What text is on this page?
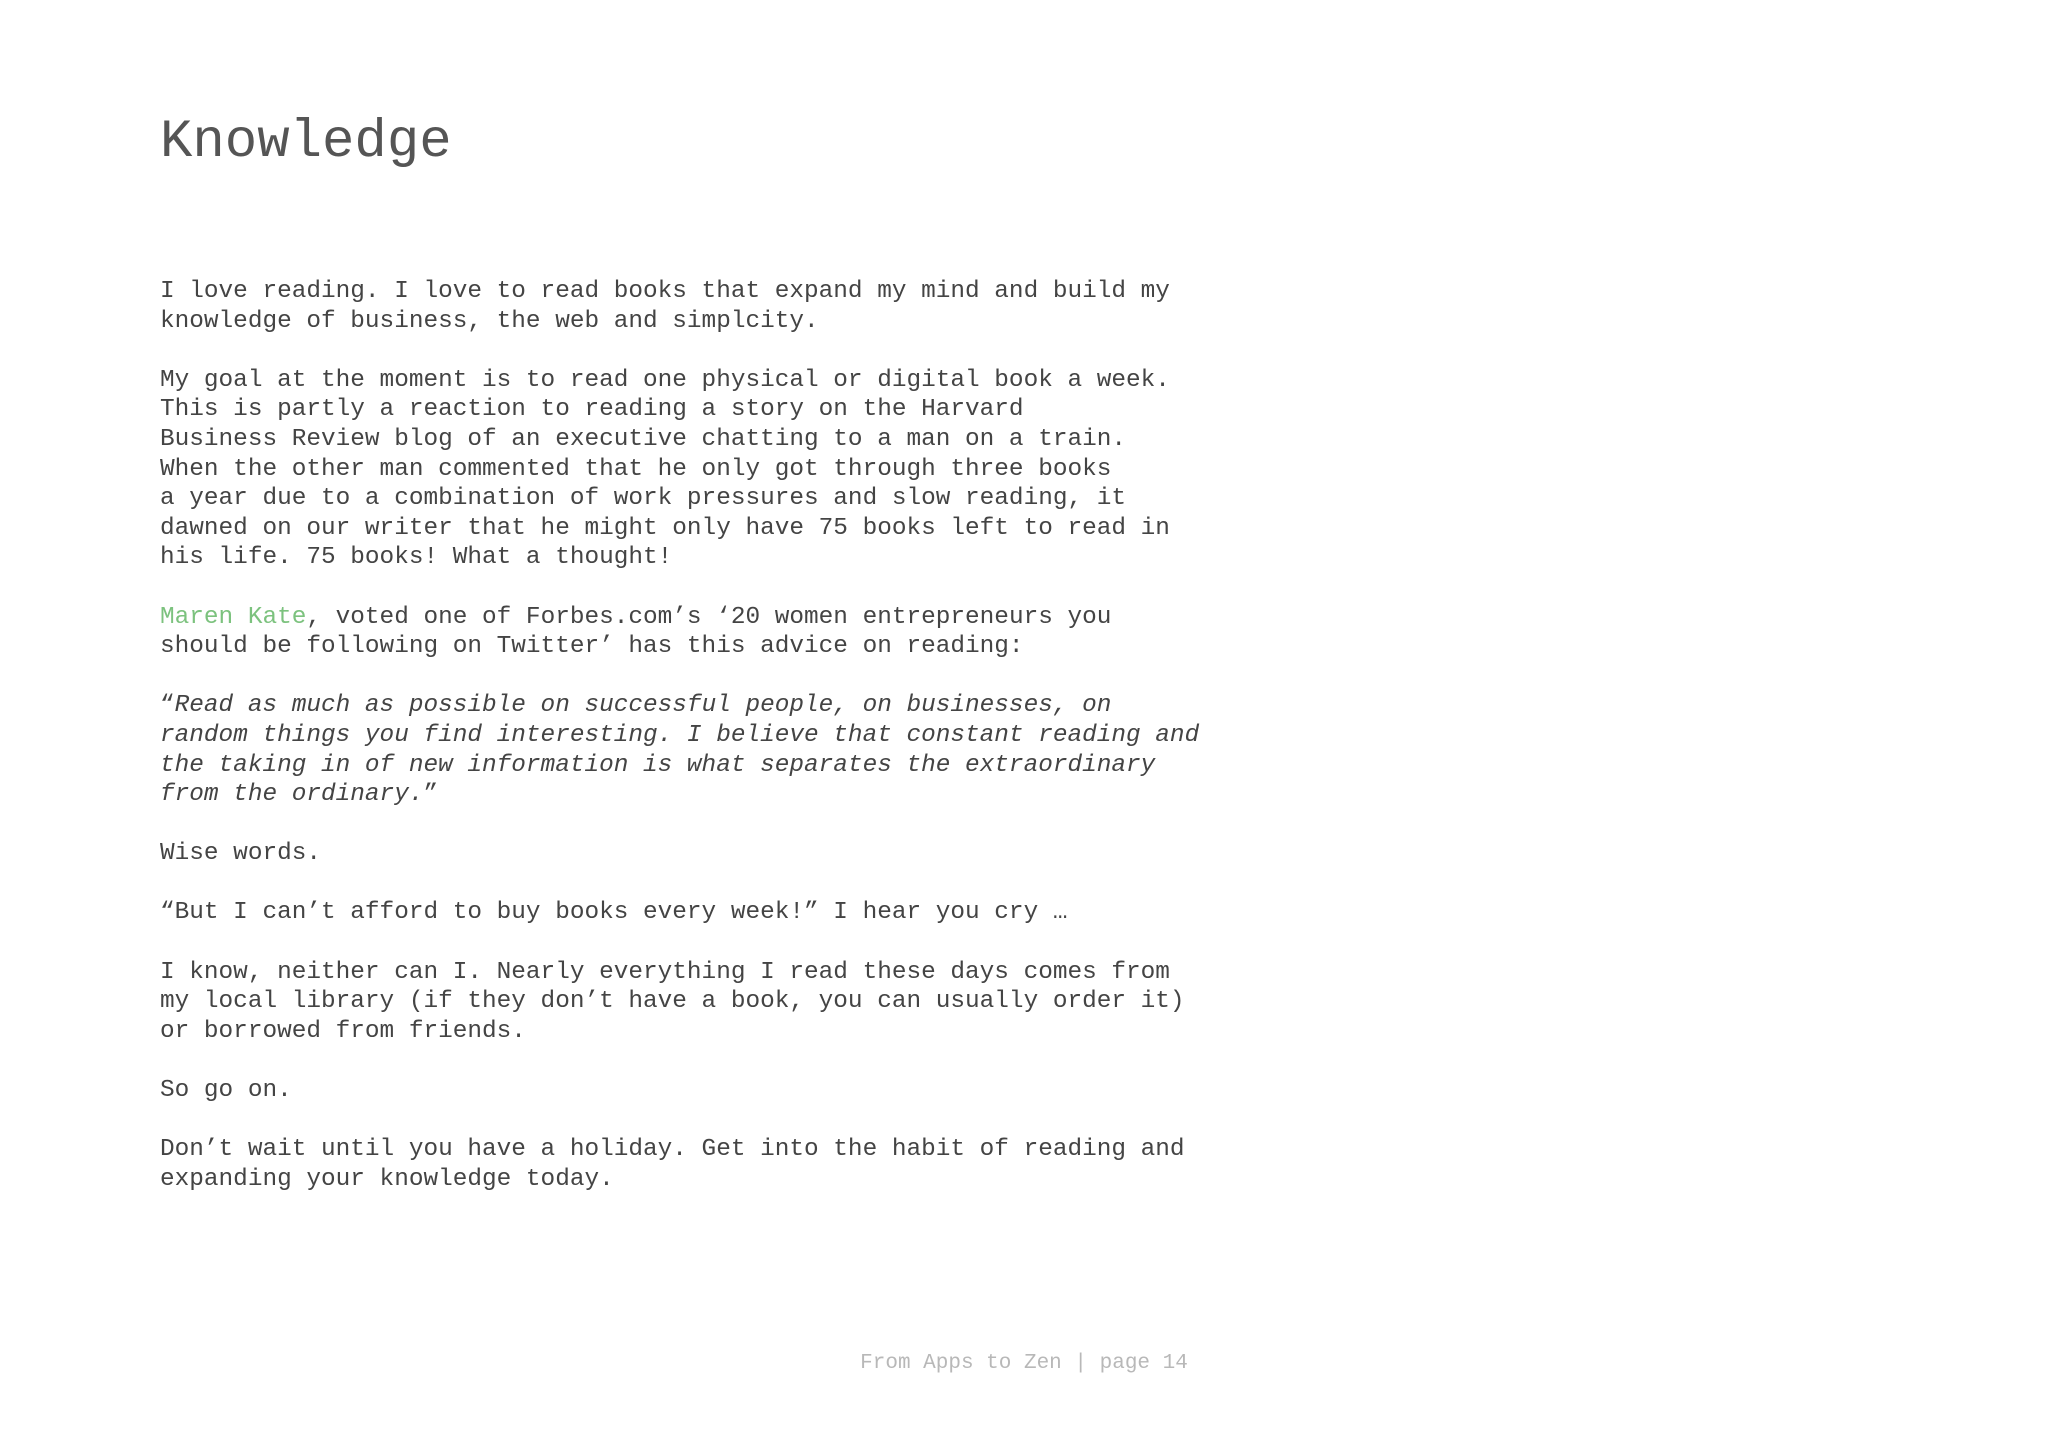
Knowledge

I love reading. I love to read books that expand my mind and build my
knowledge of business, the web and simplcity.

My goal at the moment is to read one physical or digital book a week.
This is partly a reaction to reading a story on the Harvard
Business Review blog of an executive chatting to a man on a train.
When the other man commented that he only got through three books
a year due to a combination of work pressures and slow reading, it
dawned on our writer that he might only have 75 books left to read in
his life. 75 books! What a thought!

Maren Kate, voted one of Forbes.com’s ‘20 women entrepreneurs you
should be following on Twitter’ has this advice on reading:

“Read as much as possible on successful people, on businesses, on
random things you find interesting. I believe that constant reading and
the taking in of new information is what separates the extraordinary
from the ordinary.”

Wise words.

“But I can’t afford to buy books every week!” I hear you cry …

I know, neither can I. Nearly everything I read these days comes from
my local library (if they don’t have a book, you can usually order it)
or borrowed from friends.

So go on.

Don’t wait until you have a holiday. Get into the habit of reading and
expanding your knowledge today.

From Apps to Zen | page 14
